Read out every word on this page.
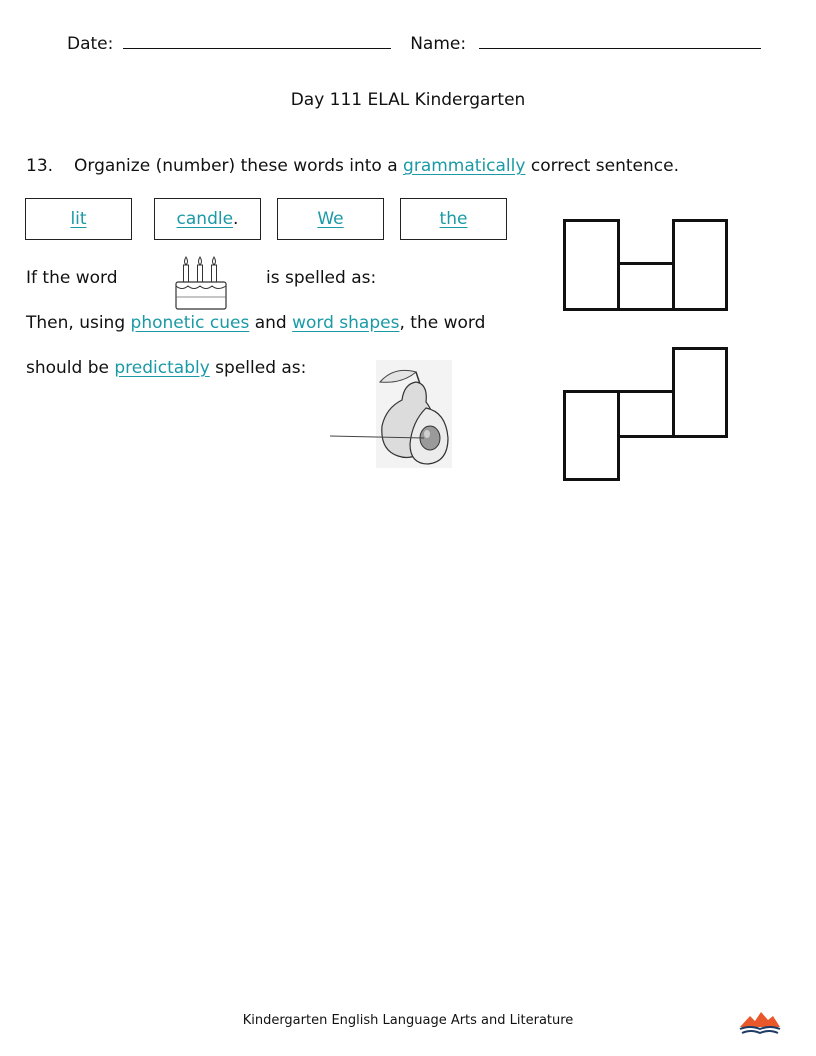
Date:	Name:
Day 111 ELAL Kindergarten
13. Organize (number) these words into a grammatically correct sentence.
lit	candle.	We	the
If the word	is spelled as:
Then, using phonetic cues and word shapes, the word
should be predictably spelled as:
Kindergarten English Language Arts and Literature
